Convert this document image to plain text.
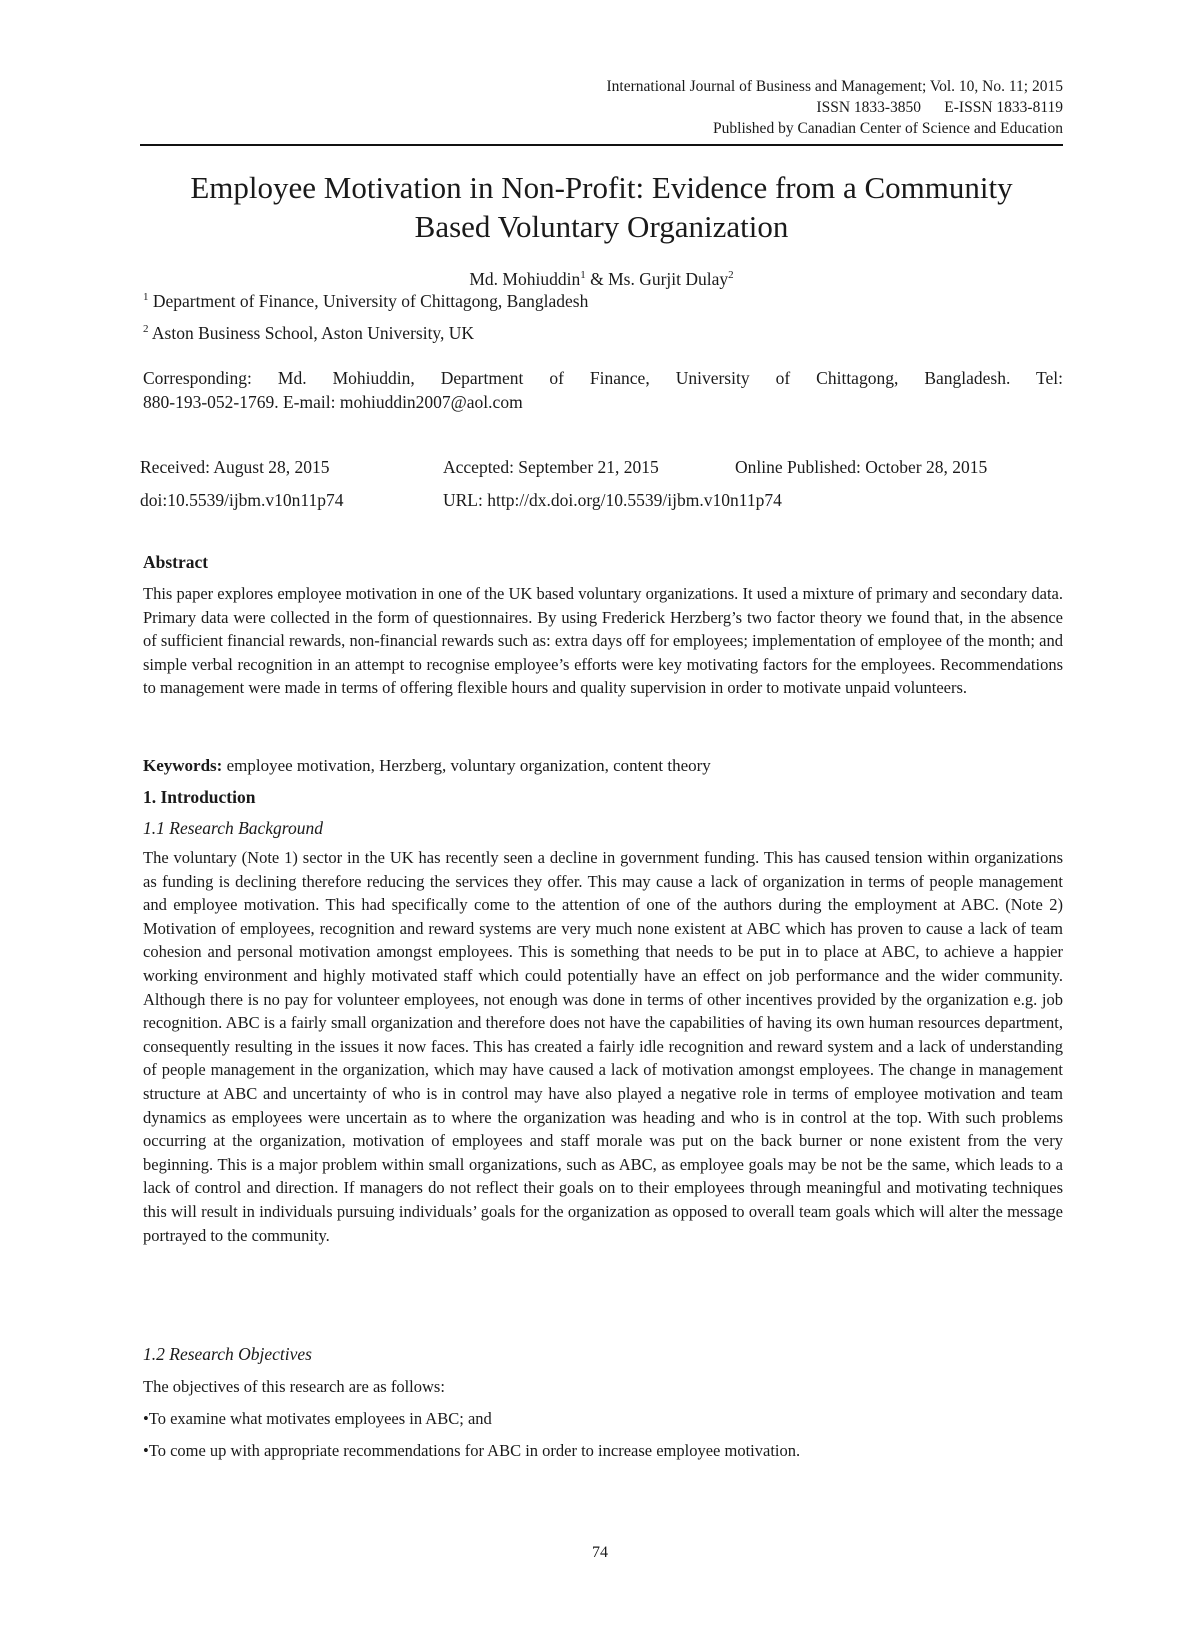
International Journal of Business and Management; Vol. 10, No. 11; 2015
ISSN 1833-3850      E-ISSN 1833-8119
Published by Canadian Center of Science and Education
Employee Motivation in Non-Profit: Evidence from a Community
Based Voluntary Organization
Md. Mohiuddin$^1$ & Ms. Gurjit Dulay$^2$
$^1$ Department of Finance, University of Chittagong, Bangladesh
$^2$ Aston Business School, Aston University, UK
Corresponding: Md. Mohiuddin, Department of Finance, University of Chittagong, Bangladesh. Tel:
880-193-052-1769. E-mail: mohiuddin2007@aol.com
Received: August 28, 2015	Accepted: September 21, 2015	Online Published: October 28, 2015
doi:10.5539/ijbm.v10n11p74	URL: http://dx.doi.org/10.5539/ijbm.v10n11p74
Abstract

This paper explores employee motivation in one of the UK based voluntary organizations. It used a mixture of primary and secondary data. Primary data were collected in the form of questionnaires. By using Frederick Herzberg’s two factor theory we found that, in the absence of sufficient financial rewards, non-financial rewards such as: extra days off for employees; implementation of employee of the month; and simple verbal recognition in an attempt to recognise employee’s efforts were key motivating factors for the employees. Recommendations to management were made in terms of offering flexible hours and quality supervision in order to motivate unpaid volunteers.

Keywords: employee motivation, Herzberg, voluntary organization, content theory
1. Introduction
1.1 Research Background

The voluntary (Note 1) sector in the UK has recently seen a decline in government funding. This has caused tension within organizations as funding is declining therefore reducing the services they offer. This may cause a lack of organization in terms of people management and employee motivation. This had specifically come to the attention of one of the authors during the employment at ABC. (Note 2) Motivation of employees, recognition and reward systems are very much none existent at ABC which has proven to cause a lack of team cohesion and personal motivation amongst employees. This is something that needs to be put in to place at ABC, to achieve a happier working environment and highly motivated staff which could potentially have an effect on job performance and the wider community. Although there is no pay for volunteer employees, not enough was done in terms of other incentives provided by the organization e.g. job recognition. ABC is a fairly small organization and therefore does not have the capabilities of having its own human resources department, consequently resulting in the issues it now faces. This has created a fairly idle recognition and reward system and a lack of understanding of people management in the organization, which may have caused a lack of motivation amongst employees. The change in management structure at ABC and uncertainty of who is in control may have also played a negative role in terms of employee motivation and team dynamics as employees were uncertain as to where the organization was heading and who is in control at the top. With such problems occurring at the organization, motivation of employees and staff morale was put on the back burner or none existent from the very beginning. This is a major problem within small organizations, such as ABC, as employee goals may be not be the same, which leads to a lack of control and direction. If managers do not reflect their goals on to their employees through meaningful and motivating techniques this will result in individuals pursuing individuals’ goals for the organization as opposed to overall team goals which will alter the message portrayed to the community.

1.2 Research Objectives
The objectives of this research are as follows:
•To examine what motivates employees in ABC; and
•To come up with appropriate recommendations for ABC in order to increase employee motivation.
74
